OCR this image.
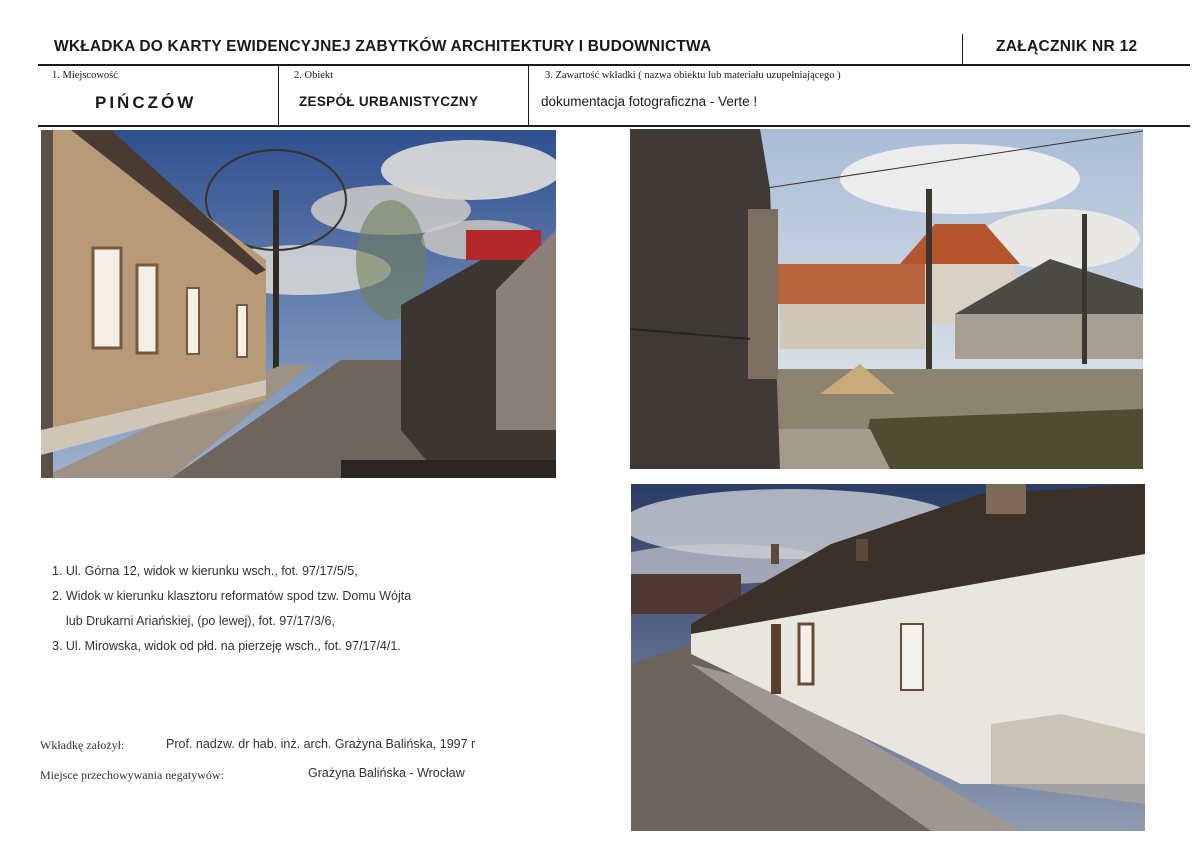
WKŁADKA DO KARTY EWIDENCYJNEJ ZABYTKÓW ARCHITEKTURY I BUDOWNICTWA	ZAŁĄCZNIK NR 12
1. Miejscowość
PIŃCZÓW
2. Obiekt
ZESPÓŁ URBANISTYCZNY
3. Zawartość wkładki ( nazwa obiektu lub materiału uzupełniającego )
dokumentacja fotograficzna - Verte !
1. Ul. Górna 12, widok w kierunku wsch., fot. 97/17/5/5,
2. Widok w kierunku klasztoru reformatów spod tzw. Domu Wójta
lub Drukarni Ariańskiej, (po lewej), fot. 97/17/3/6,
3. Ul. Mirowska, widok od płd. na pierzeję wsch., fot. 97/17/4/1.
Wkładkę założył:	Prof. nadzw. dr hab. inż. arch. Grażyna Balińska, 1997 r
Miejsce przechowywania negatywów:	Grażyna Balińska - Wrocław
